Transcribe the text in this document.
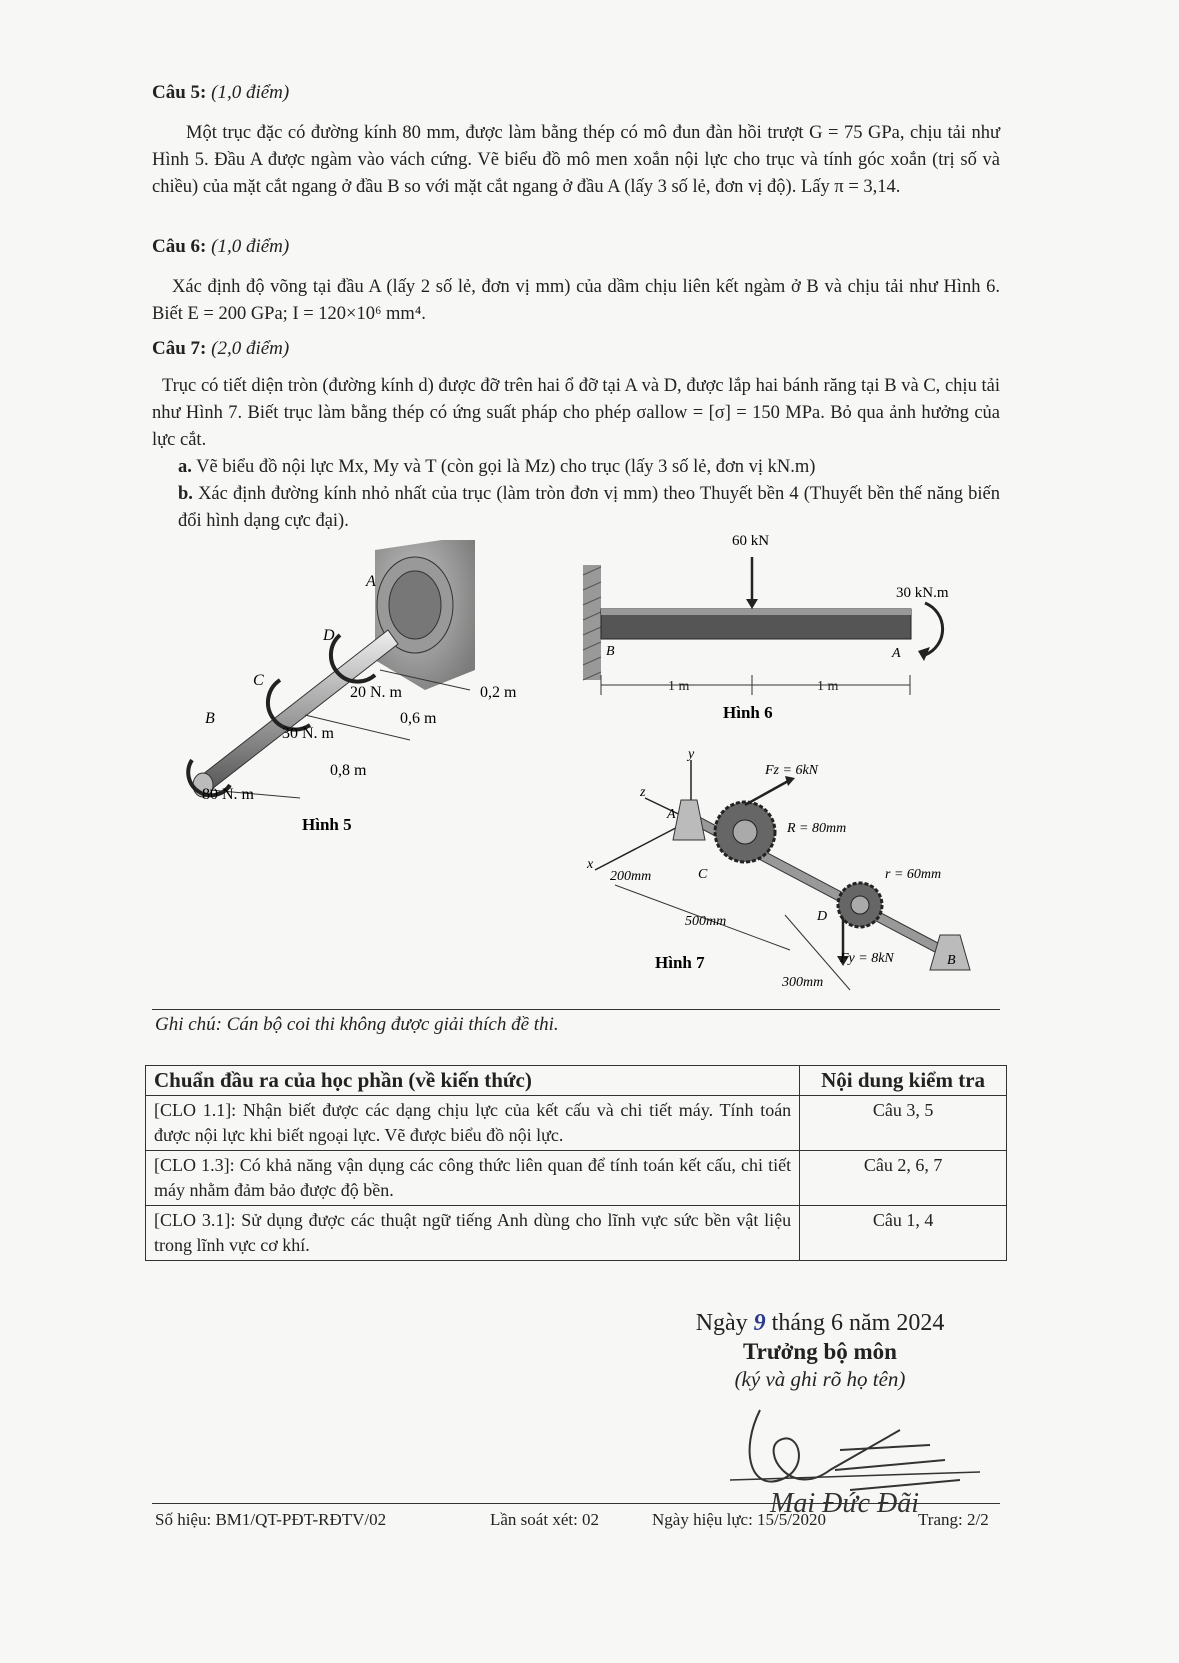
Câu 5: (1,0 điểm)
Một trục đặc có đường kính 80 mm, được làm bằng thép có mô đun đàn hồi trượt G = 75 GPa, chịu tải như Hình 5. Đầu A được ngàm vào vách cứng. Vẽ biểu đồ mô men xoắn nội lực cho trục và tính góc xoắn (trị số và chiều) của mặt cắt ngang ở đầu B so với mặt cắt ngang ở đầu A (lấy 3 số lẻ, đơn vị độ). Lấy π = 3,14.
Câu 6: (1,0 điểm)
Xác định độ võng tại đầu A (lấy 2 số lẻ, đơn vị mm) của dầm chịu liên kết ngàm ở B và chịu tải như Hình 6. Biết E = 200 GPa; I = 120×10⁶ mm⁴.
Câu 7: (2,0 điểm)
Trục có tiết diện tròn (đường kính d) được đỡ trên hai ổ đỡ tại A và D, được lắp hai bánh răng tại B và C, chịu tải như Hình 7. Biết trục làm bằng thép có ứng suất pháp cho phép σallow = [σ] = 150 MPa. Bỏ qua ảnh hưởng của lực cắt.
a. Vẽ biểu đồ nội lực Mx, My và T (còn gọi là Mz) cho trục (lấy 3 số lẻ, đơn vị kN.m)
b. Xác định đường kính nhỏ nhất của trục (làm tròn đơn vị mm) theo Thuyết bền 4 (Thuyết bền thế năng biến đổi hình dạng cực đại).
A
B
C
D
20 N. m
30 N. m
80 N. m
0,2 m
0,6 m
0,8 m
Hình 5
60 kN
30 kN.m
A
B
1 m	1 m
Hình 6
y
z
x
A
B
C
D
Fz = 6kN
R = 80mm
r = 60mm
Fy = 8kN
200mm
500mm
300mm
Hình 7
Ghi chú: Cán bộ coi thi không được giải thích đề thi.
Chuẩn đầu ra của học phần (về kiến thức)	Nội dung kiểm tra
[CLO 1.1]: Nhận biết được các dạng chịu lực của kết cấu và chi tiết máy. Tính toán được nội lực khi biết ngoại lực. Vẽ được biểu đồ nội lực.	Câu 3, 5
[CLO 1.3]: Có khả năng vận dụng các công thức liên quan để tính toán kết cấu, chi tiết máy nhằm đảm bảo được độ bền.	Câu 2, 6, 7
[CLO 3.1]: Sử dụng được các thuật ngữ tiếng Anh dùng cho lĩnh vực sức bền vật liệu trong lĩnh vực cơ khí.	Câu 1, 4
Ngày 9 tháng 6 năm 2024
Trưởng bộ môn
(ký và ghi rõ họ tên)
Mai Đức Đãi
Số hiệu: BM1/QT-PĐT-RĐTV/02	Lần soát xét: 02	Ngày hiệu lực: 15/5/2020	Trang: 2/2
